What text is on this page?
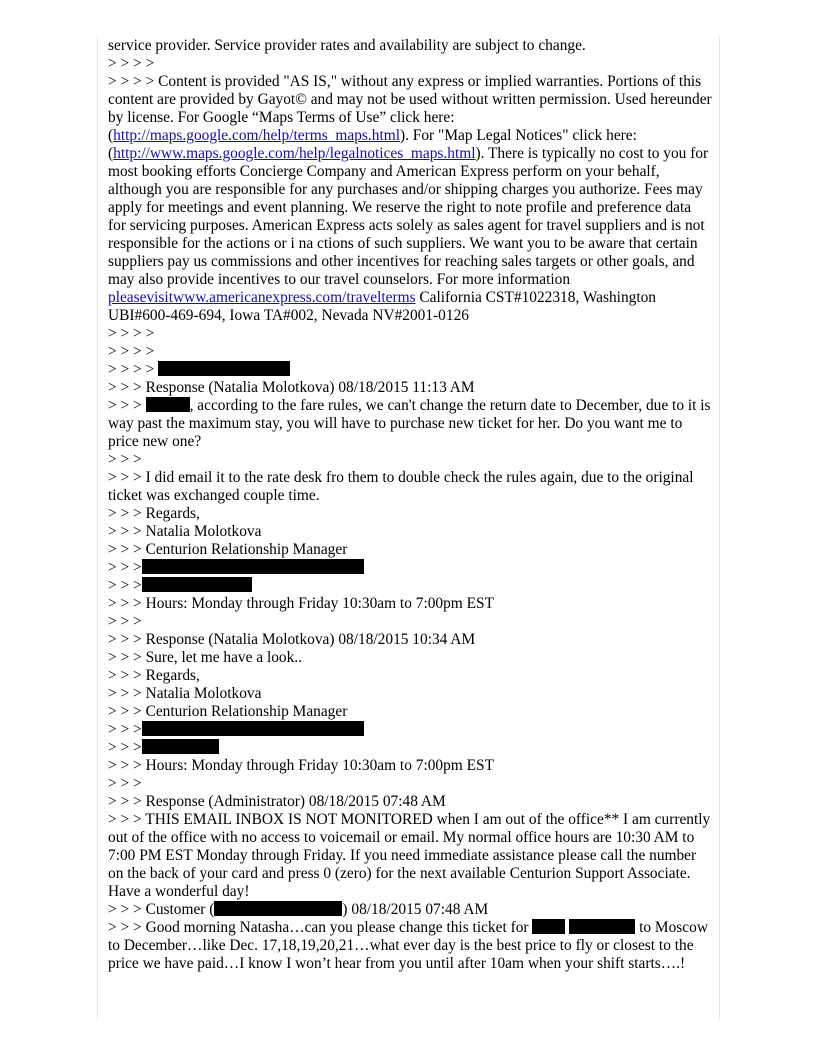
service provider. Service provider rates and availability are subject to change.
> > > >
> > > > Content is provided "AS IS," without any express or implied warranties. Portions of this content are provided by Gayot© and may not be used without written permission. Used hereunder by license. For Google “Maps Terms of Use” click here: (http://maps.google.com/help/terms_maps.html). For "Map Legal Notices" click here: (http://www.maps.google.com/help/legalnotices_maps.html). There is typically no cost to you for most booking efforts Concierge Company and American Express perform on your behalf, although you are responsible for any purchases and/or shipping charges you authorize. Fees may apply for meetings and event planning. We reserve the right to note profile and preference data for servicing purposes. American Express acts solely as sales agent for travel suppliers and is not responsible for the actions or i na ctions of such suppliers. We want you to be aware that certain suppliers pay us commissions and other incentives for reaching sales targets or other goals, and may also provide incentives to our travel counselors. For more information pleasevisitwww.americanexpress.com/travelterms California CST#1022318, Washington UBI#600-469-694, Iowa TA#002, Nevada NV#2001-0126
> > > >
> > > >
> > > >
> > > Response (Natalia Molotkova) 08/18/2015 11:13 AM
> > >	, according to the fare rules, we can't change the return date to December, due to it is way past the maximum stay, you will have to purchase new ticket for her. Do you want me to price new one?
> > >
> > > I did email it to the rate desk fro them to double check the rules again, due to the original ticket was exchanged couple time.
> > > Regards,
> > > Natalia Molotkova
> > > Centurion Relationship Manager
> > >
> > >
> > > Hours: Monday through Friday 10:30am to 7:00pm EST
> > >
> > > Response (Natalia Molotkova) 08/18/2015 10:34 AM
> > > Sure, let me have a look..
> > > Regards,
> > > Natalia Molotkova
> > > Centurion Relationship Manager
> > >
> > >
> > > Hours: Monday through Friday 10:30am to 7:00pm EST
> > >
> > > Response (Administrator) 08/18/2015 07:48 AM
> > > THIS EMAIL INBOX IS NOT MONITORED when I am out of the office** I am currently out of the office with no access to voicemail or email. My normal office hours are 10:30 AM to 7:00 PM EST Monday through Friday. If you need immediate assistance please call the number on the back of your card and press 0 (zero) for the next available Centurion Support Associate. Have a wonderful day!
> > > Customer (	) 08/18/2015 07:48 AM
> > > Good morning Natasha…can you please change this ticket for	to Moscow to December…like Dec. 17,18,19,20,21…what ever day is the best price to fly or closest to the price we have paid…I know I won’t hear from you until after 10am when your shift starts….!
